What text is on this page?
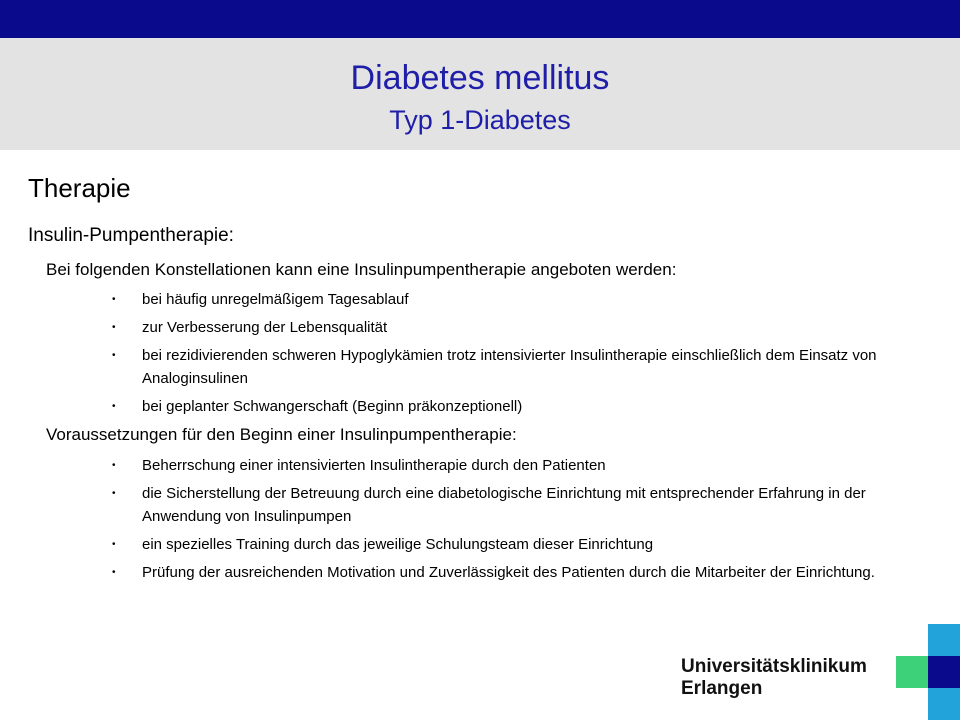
Diabetes mellitus
Typ 1-Diabetes
Therapie
Insulin-Pumpentherapie:
Bei folgenden Konstellationen kann eine Insulinpumpentherapie angeboten werden:
• bei häufig unregelmäßigem Tagesablauf
• zur Verbesserung der Lebensqualität
• bei rezidivierenden schweren Hypoglykämien trotz intensivierter Insulintherapie einschließlich dem Einsatz von Analoginsulinen
• bei geplanter Schwangerschaft (Beginn präkonzeptionell)
Voraussetzungen für den Beginn einer Insulinpumpentherapie:
• Beherrschung einer intensivierten Insulintherapie durch den Patienten
• die Sicherstellung der Betreuung durch eine diabetologische Einrichtung mit entsprechender Erfahrung in der Anwendung von Insulinpumpen
• ein spezielles Training durch das jeweilige Schulungsteam dieser Einrichtung
• Prüfung der ausreichenden Motivation und Zuverlässigkeit des Patienten durch die Mitarbeiter der Einrichtung.
Universitätsklinikum
Erlangen
